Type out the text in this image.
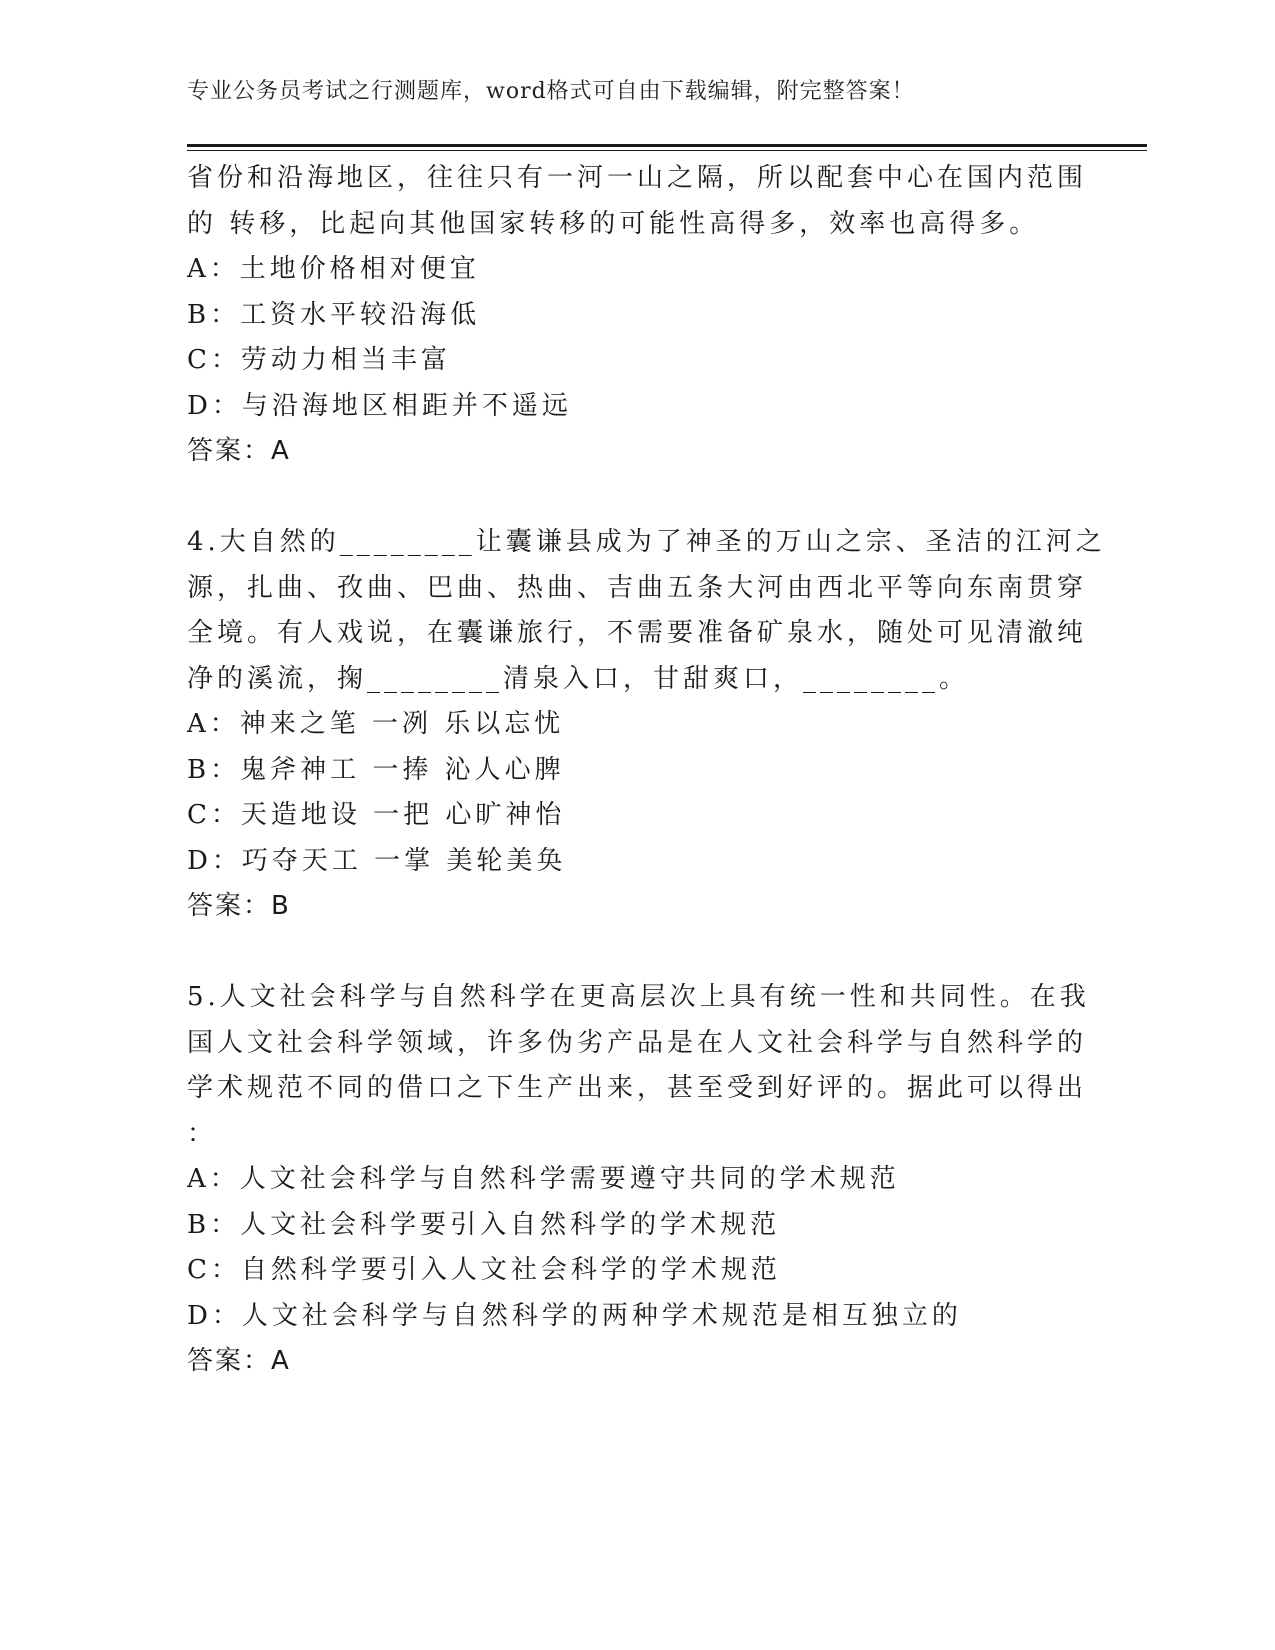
专业公务员考试之行测题库，word格式可自由下载编辑，附完整答案！
省份和沿海地区，往往只有一河一山之隔，所以配套中心在国内范围
的 转移，比起向其他国家转移的可能性高得多，效率也高得多。
A：土地价格相对便宜
B：工资水平较沿海低
C：劳动力相当丰富
D：与沿海地区相距并不遥远
答案：A
4.大自然的________让囊谦县成为了神圣的万山之宗、圣洁的江河之
源，扎曲、孜曲、巴曲、热曲、吉曲五条大河由西北平等向东南贯穿
全境。有人戏说，在囊谦旅行，不需要准备矿泉水，随处可见清澈纯
净的溪流，掬________清泉入口，甘甜爽口，________。
A：神来之笔 一冽 乐以忘忧
B：鬼斧神工 一捧 沁人心脾
C：天造地设 一把 心旷神怡
D：巧夺天工 一掌 美轮美奂
答案：B
5.人文社会科学与自然科学在更高层次上具有统一性和共同性。在我
国人文社会科学领域，许多伪劣产品是在人文社会科学与自然科学的
学术规范不同的借口之下生产出来，甚至受到好评的。据此可以得出
：
A：人文社会科学与自然科学需要遵守共同的学术规范
B：人文社会科学要引入自然科学的学术规范
C：自然科学要引入人文社会科学的学术规范
D：人文社会科学与自然科学的两种学术规范是相互独立的
答案：A
